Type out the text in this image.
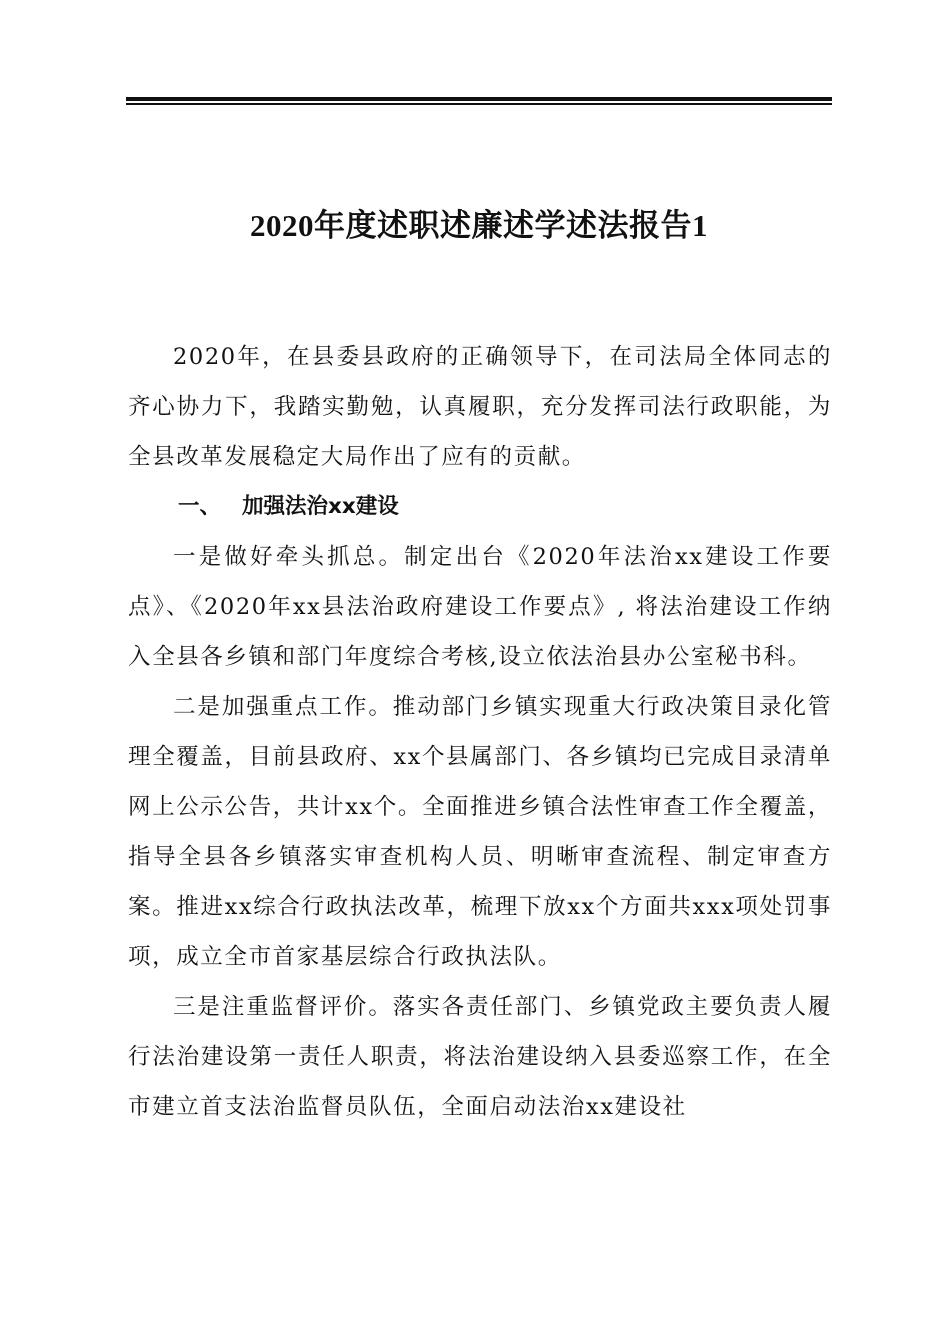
2020年度述职述廉述学述法报告1

2020年，在县委县政府的正确领导下，在司法局全体同志的齐心协力下，我踏实勤勉，认真履职，充分发挥司法行政职能，为全县改革发展稳定大局作出了应有的贡献。

一、 加强法治xx建设

一是做好牵头抓总。制定出台《2020年法治xx建设工作要点》、《2020年xx县法治政府建设工作要点》, 将法治建设工作纳入全县各乡镇和部门年度综合考核,设立依法治县办公室秘书科。

二是加强重点工作。推动部门乡镇实现重大行政决策目录化管理全覆盖，目前县政府、xx个县属部门、各乡镇均已完成目录清单网上公示公告，共计xx个。全面推进乡镇合法性审查工作全覆盖，指导全县各乡镇落实审查机构人员、明晰审查流程、制定审查方案。推进xx综合行政执法改革，梳理下放xx个方面共xxx项处罚事项，成立全市首家基层综合行政执法队。

三是注重监督评价。落实各责任部门、乡镇党政主要负责人履行法治建设第一责任人职责，将法治建设纳入县委巡察工作，在全市建立首支法治监督员队伍，全面启动法治xx建设社
